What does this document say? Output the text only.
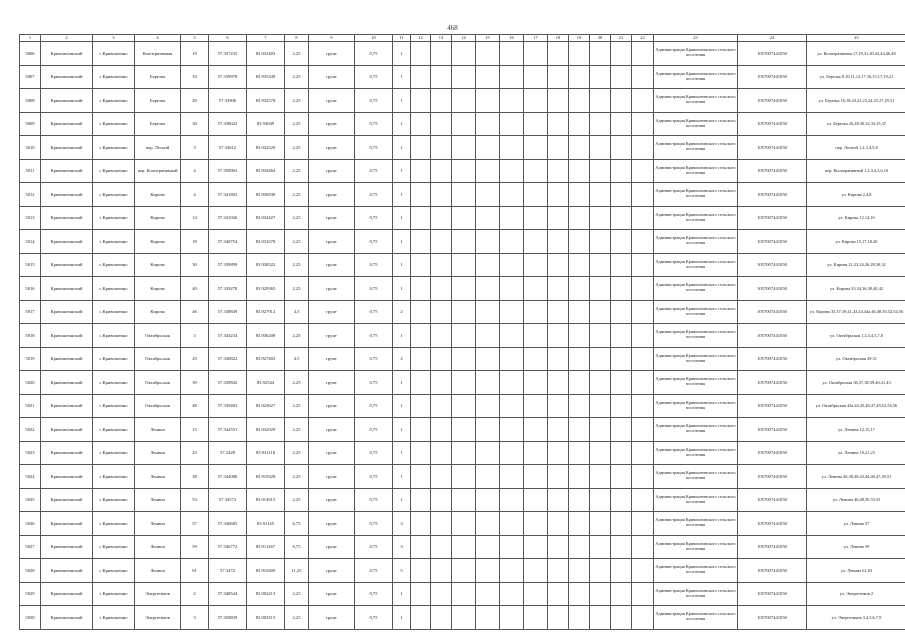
468
1	2	3	4	5	6	7	8	9	10	11	12	13	14	15	16	17	18	19	20	21	22	23	24	25
5006	Кривошеинский	с.Кривошеино	Кооперативная	19	57.357235	83.932403	2,25	грунт	0,75	1												Администрация Кривошеинского сельского поселения	1057007441050	ул. Кооперативная 17,19,31,40,42,44,46,48
5007	Кривошеинский	с.Кривошеино	Березка	10	57.339978	83.935349	2,25	грунт	0,75	1												Администрация Кривошеинского сельского поселения	1057007441050	ул. Березка 8,10,11,12,17,16,15,17,19,21
5008	Кривошеинский	с.Кривошеино	Березка	20	57.33906	83.932578	2,25	грунт	0,75	1												Администрация Кривошеинского сельского поселения	1057007441050	ул. Березка 16,18,20,22,23,24,25,27,29,31
5009	Кривошеинский	с.Кривошеино	Березка	30	57.338022	83.93049	2,25	грунт	0,75	1												Администрация Кривошеинского сельского поселения	1057007441050	ул. Березка 26,28,30,32,33,35,37
5010	Кривошеинский	с.Кривошеино	пер. Лесной	3	57.33612	83.932529	2,25	грунт	0,75	1												Администрация Кривошеинского сельского поселения	1057007441050	пер. Лесной 1,2,3,4,5,8
5011	Кривошеинский	с.Кривошеино	пер. Кооперативный	4	57.358963	83.934464	2,25	грунт	0,75	1												Администрация Кривошеинского сельского поселения	1057007441050	пер. Кооперативный 1,2,3,4,5,6,10
5012	Кривошеинский	с.Кривошеино	Кирова	4	57.341802	83.936938	2,25	грунт	0,75	1												Администрация Кривошеинского сельского поселения	1057007441050	ул. Кирова 2,4,8
5013	Кривошеинский	с.Кривошеино	Кирова	14	57.341026	83.934427	2,25	грунт	0,75	1												Администрация Кривошеинского сельского поселения	1057007441050	ул. Кирова 12,14,16
5014	Кривошеинский	с.Кривошеино	Кирова	18	57.340754	83.931678	2,25	грунт	0,75	1												Администрация Кривошеинского сельского поселения	1057007441050	ул. Кирова 15,17,18,20
5015	Кривошеинский	с.Кривошеино	Кирова	30	57.339899	83.930522	2,25	грунт	0,75	1												Администрация Кривошеинского сельского поселения	1057007441050	ул. Кирова 21,23,24,26,28,30,32
5016	Кривошеинский	с.Кривошеино	Кирова	40	57.339278	83.929365	2,25	грунт	0,75	1												Администрация Кривошеинского сельского поселения	1057007441050	ул. Кирова 33,34,36,38,40,42
5017	Кривошеинский	с.Кривошеино	Кирова	46	57.338849	83.927912	4,5	грунт	0,75	2												Администрация Кривошеинского сельского поселения	1057007441050	ул. Кирова 35,37,39,41,43,44,44а,46,48,50,52,54,56
5018	Кривошеинский	с.Кривошеино	Октябрьская	3	57.343234	83.936208	2,25	грунт	0,75	1												Администрация Кривошеинского сельского поселения	1057007441050	ул. Октябрьская 1,2,3,4,5,7,8
5019	Кривошеинский	с.Кривошеино	Октябрьская	29	57.340822	83.927403	4,5	грунт	0,75	2												Администрация Кривошеинского сельского поселения	1057007441050	ул. Октябрьская 29,31
5020	Кривошеинский	с.Кривошеино	Октябрьская	39	57.339842	83.92544	2,25	грунт	0,75	1												Администрация Кривошеинского сельского поселения	1057007441050	ул. Октябрьская 36,37,38,39,40,41,43
5021	Кривошеинский	с.Кривошеино	Октябрьская	48	57.339483	83.923627	2,25	грунт	0,75	1												Администрация Кривошеинского сельского поселения	1057007441050	ул. Октябрьская 42а,44,45,46,47,49,52,54,56
5022	Кривошеинский	с.Кривошеино	Ленина	15	57.342551	83.932929	2,25	грунт	0,75	1												Администрация Кривошеинского сельского поселения	1057007441050	ул. Ленина 12,15,17
5023	Кривошеинский	с.Кривошеино	Ленина	23	57.3428	83.931118	2,25	грунт	0,75	1												Администрация Кривошеинского сельского поселения	1057007441050	ул. Ленина 19,21,23
5024	Кривошеинский	с.Кривошеино	Ленина	38	57.344086	83.919328	2,25	грунт	0,75	1												Администрация Кривошеинского сельского поселения	1057007441050	ул. Ленина 36,38,40,43,44,46,47,49,51
5025	Кривошеинский	с.Кривошеино	Ленина	53	57.34573	83.914915	2,25	грунт	0,75	1												Администрация Кривошеинского сельского поселения	1057007441050	ул. Ленина 46,48,50,53,55
5026	Кривошеинский	с.Кривошеино	Ленина	57	57.346685	83.91145	6,75	грунт	0,75	3												Администрация Кривошеинского сельского поселения	1057007441050	ул. Ленина 57
5027	Кривошеинский	с.Кривошеино	Ленина	59	57.346772	83.911267	6,75	грунт	0,75	3												Администрация Кривошеинского сельского поселения	1057007441050	ул. Ленина 59
5028	Кривошеинский	с.Кривошеино	Ленина	61	57.3472	83.910409	11,25	грунт	0,75	5												Администрация Кривошеинского сельского поселения	1057007441050	ул. Ленина 61,63
5029	Кривошеинский	с.Кривошеино	Энергетиков	2	57.348544	83.902213	2,25	грунт	0,75	1												Администрация Кривошеинского сельского поселения	1057007441050	ул. Энергетиков 2
5030	Кривошеинский	с.Кривошеино	Энергетиков	3	57.350839	83.903515	2,25	грунт	0,75	1												Администрация Кривошеинского сельского поселения	1057007441050	ул. Энергетиков 3,4,5,6,7,9
